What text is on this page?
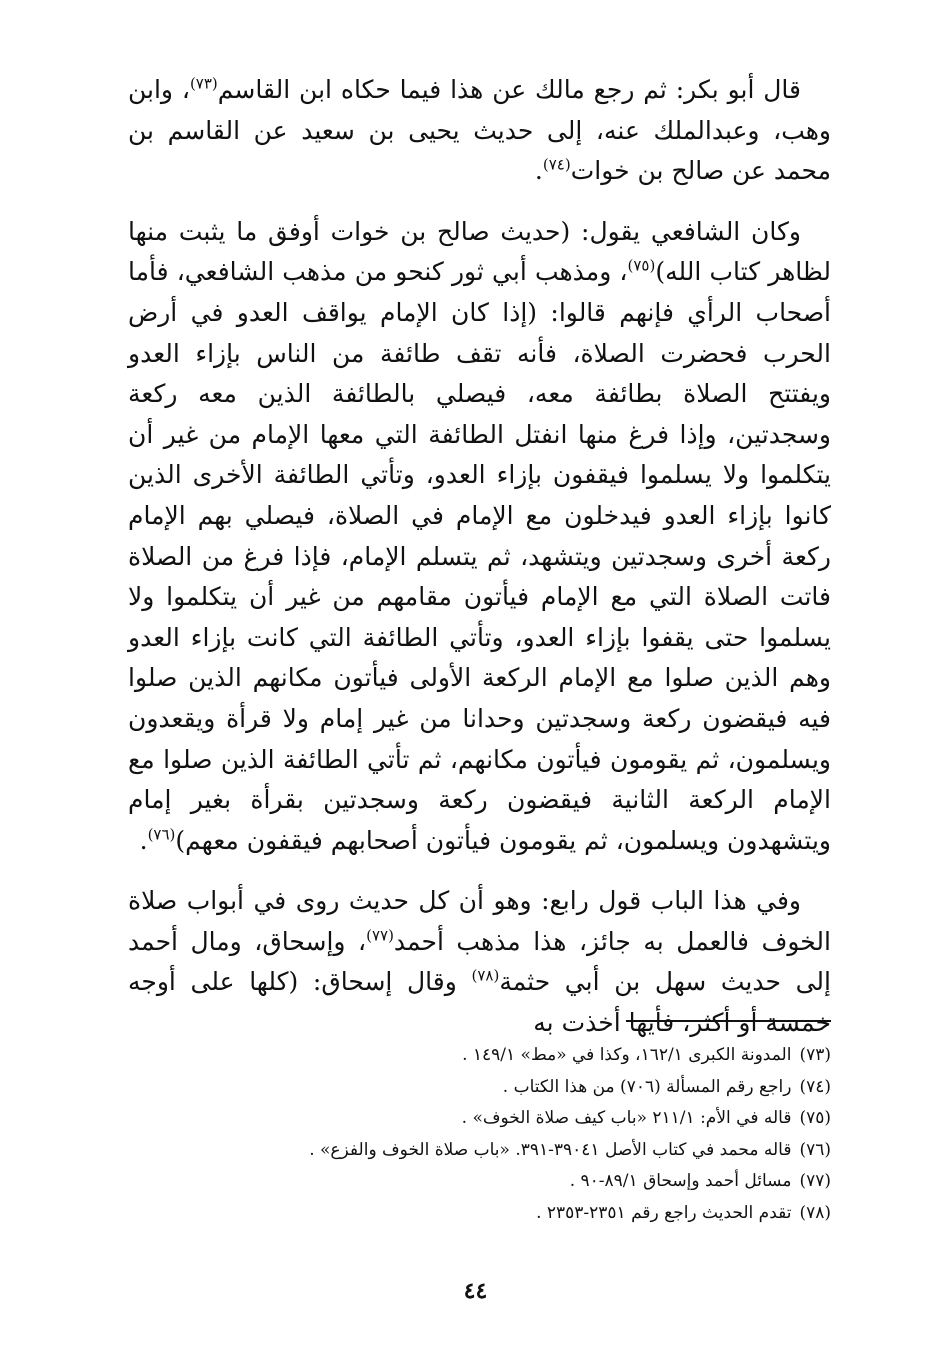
قال أبو بكر: ثم رجع مالك عن هذا فيما حكاه ابن القاسم$^{(٧٣)}$، وابن وهب، وعبدالملك عنه، إلى حديث يحيى بن سعيد عن القاسم بن محمد عن صالح بن خوات$^{(٧٤)}$.

وكان الشافعي يقول: (حديث صالح بن خوات أوفق ما يثبت منها لظاهر كتاب الله)$^{(٧٥)}$، ومذهب أبي ثور كنحو من مذهب الشافعي، فأما أصحاب الرأي فإنهم قالوا: (إذا كان الإمام يواقف العدو في أرض الحرب فحضرت الصلاة، فأنه تقف طائفة من الناس بإزاء العدو ويفتتح الصلاة بطائفة معه، فيصلي بالطائفة الذين معه ركعة وسجدتين، وإذا فرغ منها انفتل الطائفة التي معها الإمام من غير أن يتكلموا ولا يسلموا فيقفون بإزاء العدو، وتأتي الطائفة الأخرى الذين كانوا بإزاء العدو فيدخلون مع الإمام في الصلاة، فيصلي بهم الإمام ركعة أخرى وسجدتين ويتشهد، ثم يتسلم الإمام، فإذا فرغ من الصلاة فاتت الصلاة التي مع الإمام فيأتون مقامهم من غير أن يتكلموا ولا يسلموا حتى يقفوا بإزاء العدو، وتأتي الطائفة التي كانت بإزاء العدو وهم الذين صلوا مع الإمام الركعة الأولى فيأتون مكانهم الذين صلوا فيه فيقضون ركعة وسجدتين وحدانا من غير إمام ولا قرأة ويقعدون ويسلمون، ثم يقومون فيأتون مكانهم، ثم تأتي الطائفة الذين صلوا مع الإمام الركعة الثانية فيقضون ركعة وسجدتين بقرأة بغير إمام ويتشهدون ويسلمون، ثم يقومون فيأتون أصحابهم فيقفون معهم)$^{(٧٦)}$.

وفي هذا الباب قول رابع: وهو أن كل حديث روى في أبواب صلاة الخوف فالعمل به جائز، هذا مذهب أحمد$^{(٧٧)}$، وإسحاق، ومال أحمد إلى حديث سهل بن أبي حثمة$^{(٧٨)}$ وقال إسحاق: (كلها على أوجه خمسة أو أكثر، فأيها أخذت به

(٧٣)
المدونة الكبرى ١٦٢/١، وكذا في «مط» ١٤٩/١ .
(٧٤)
راجع رقم المسألة (٧٠٦) من هذا الكتاب .
(٧٥)
قاله في الأم: ٢١١/١ «باب كيف صلاة الخوف» .
(٧٦)
قاله محمد في كتاب الأصل ٣٩٠٤١-٣٩١. «باب صلاة الخوف والفزع» .
(٧٧)
مسائل أحمد وإسحاق ٨٩/١-٩٠ .
(٧٨)
تقدم الحديث راجع رقم ٢٣٥١-٢٣٥٣ .
٤٤
